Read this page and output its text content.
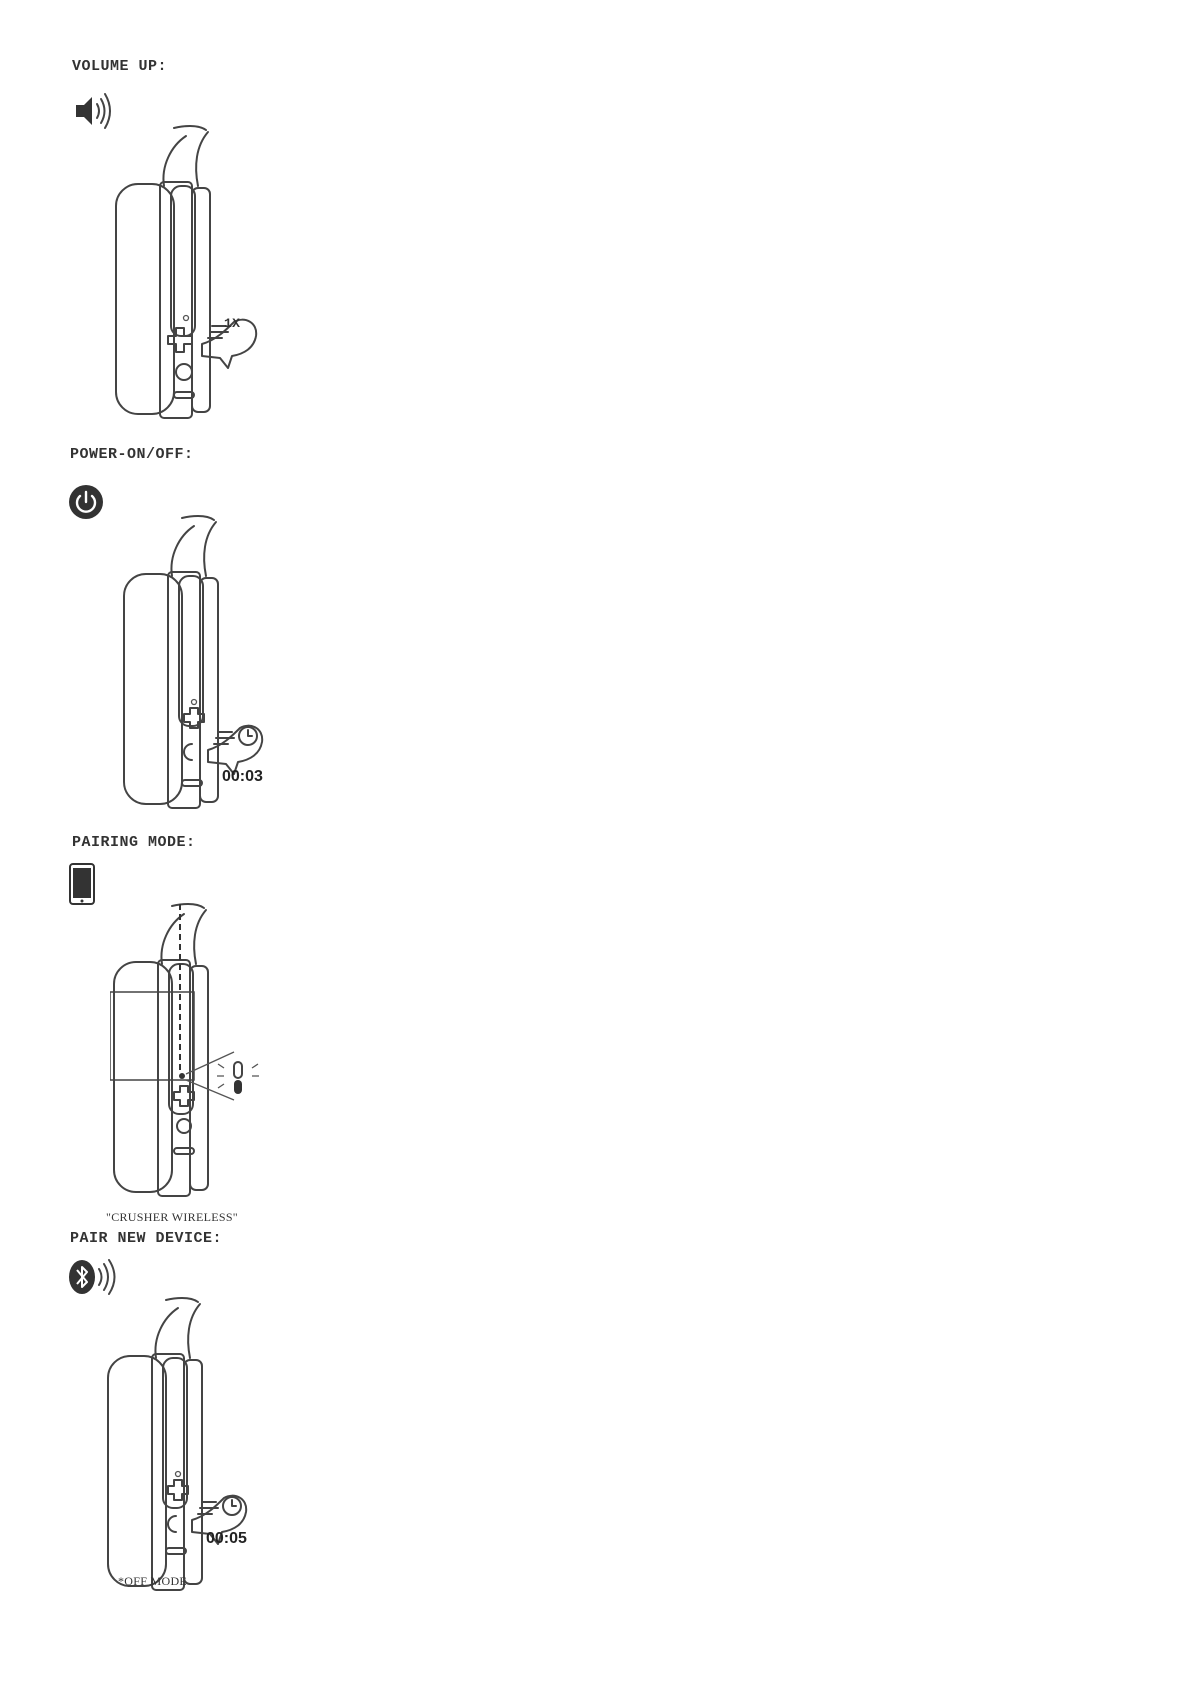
VOLUME UP:
1X
POWER-ON/OFF:
00:03
PAIRING MODE:
"CRUSHER WIRELESS"
PAIR NEW DEVICE:
00:05
*OFF MODE
